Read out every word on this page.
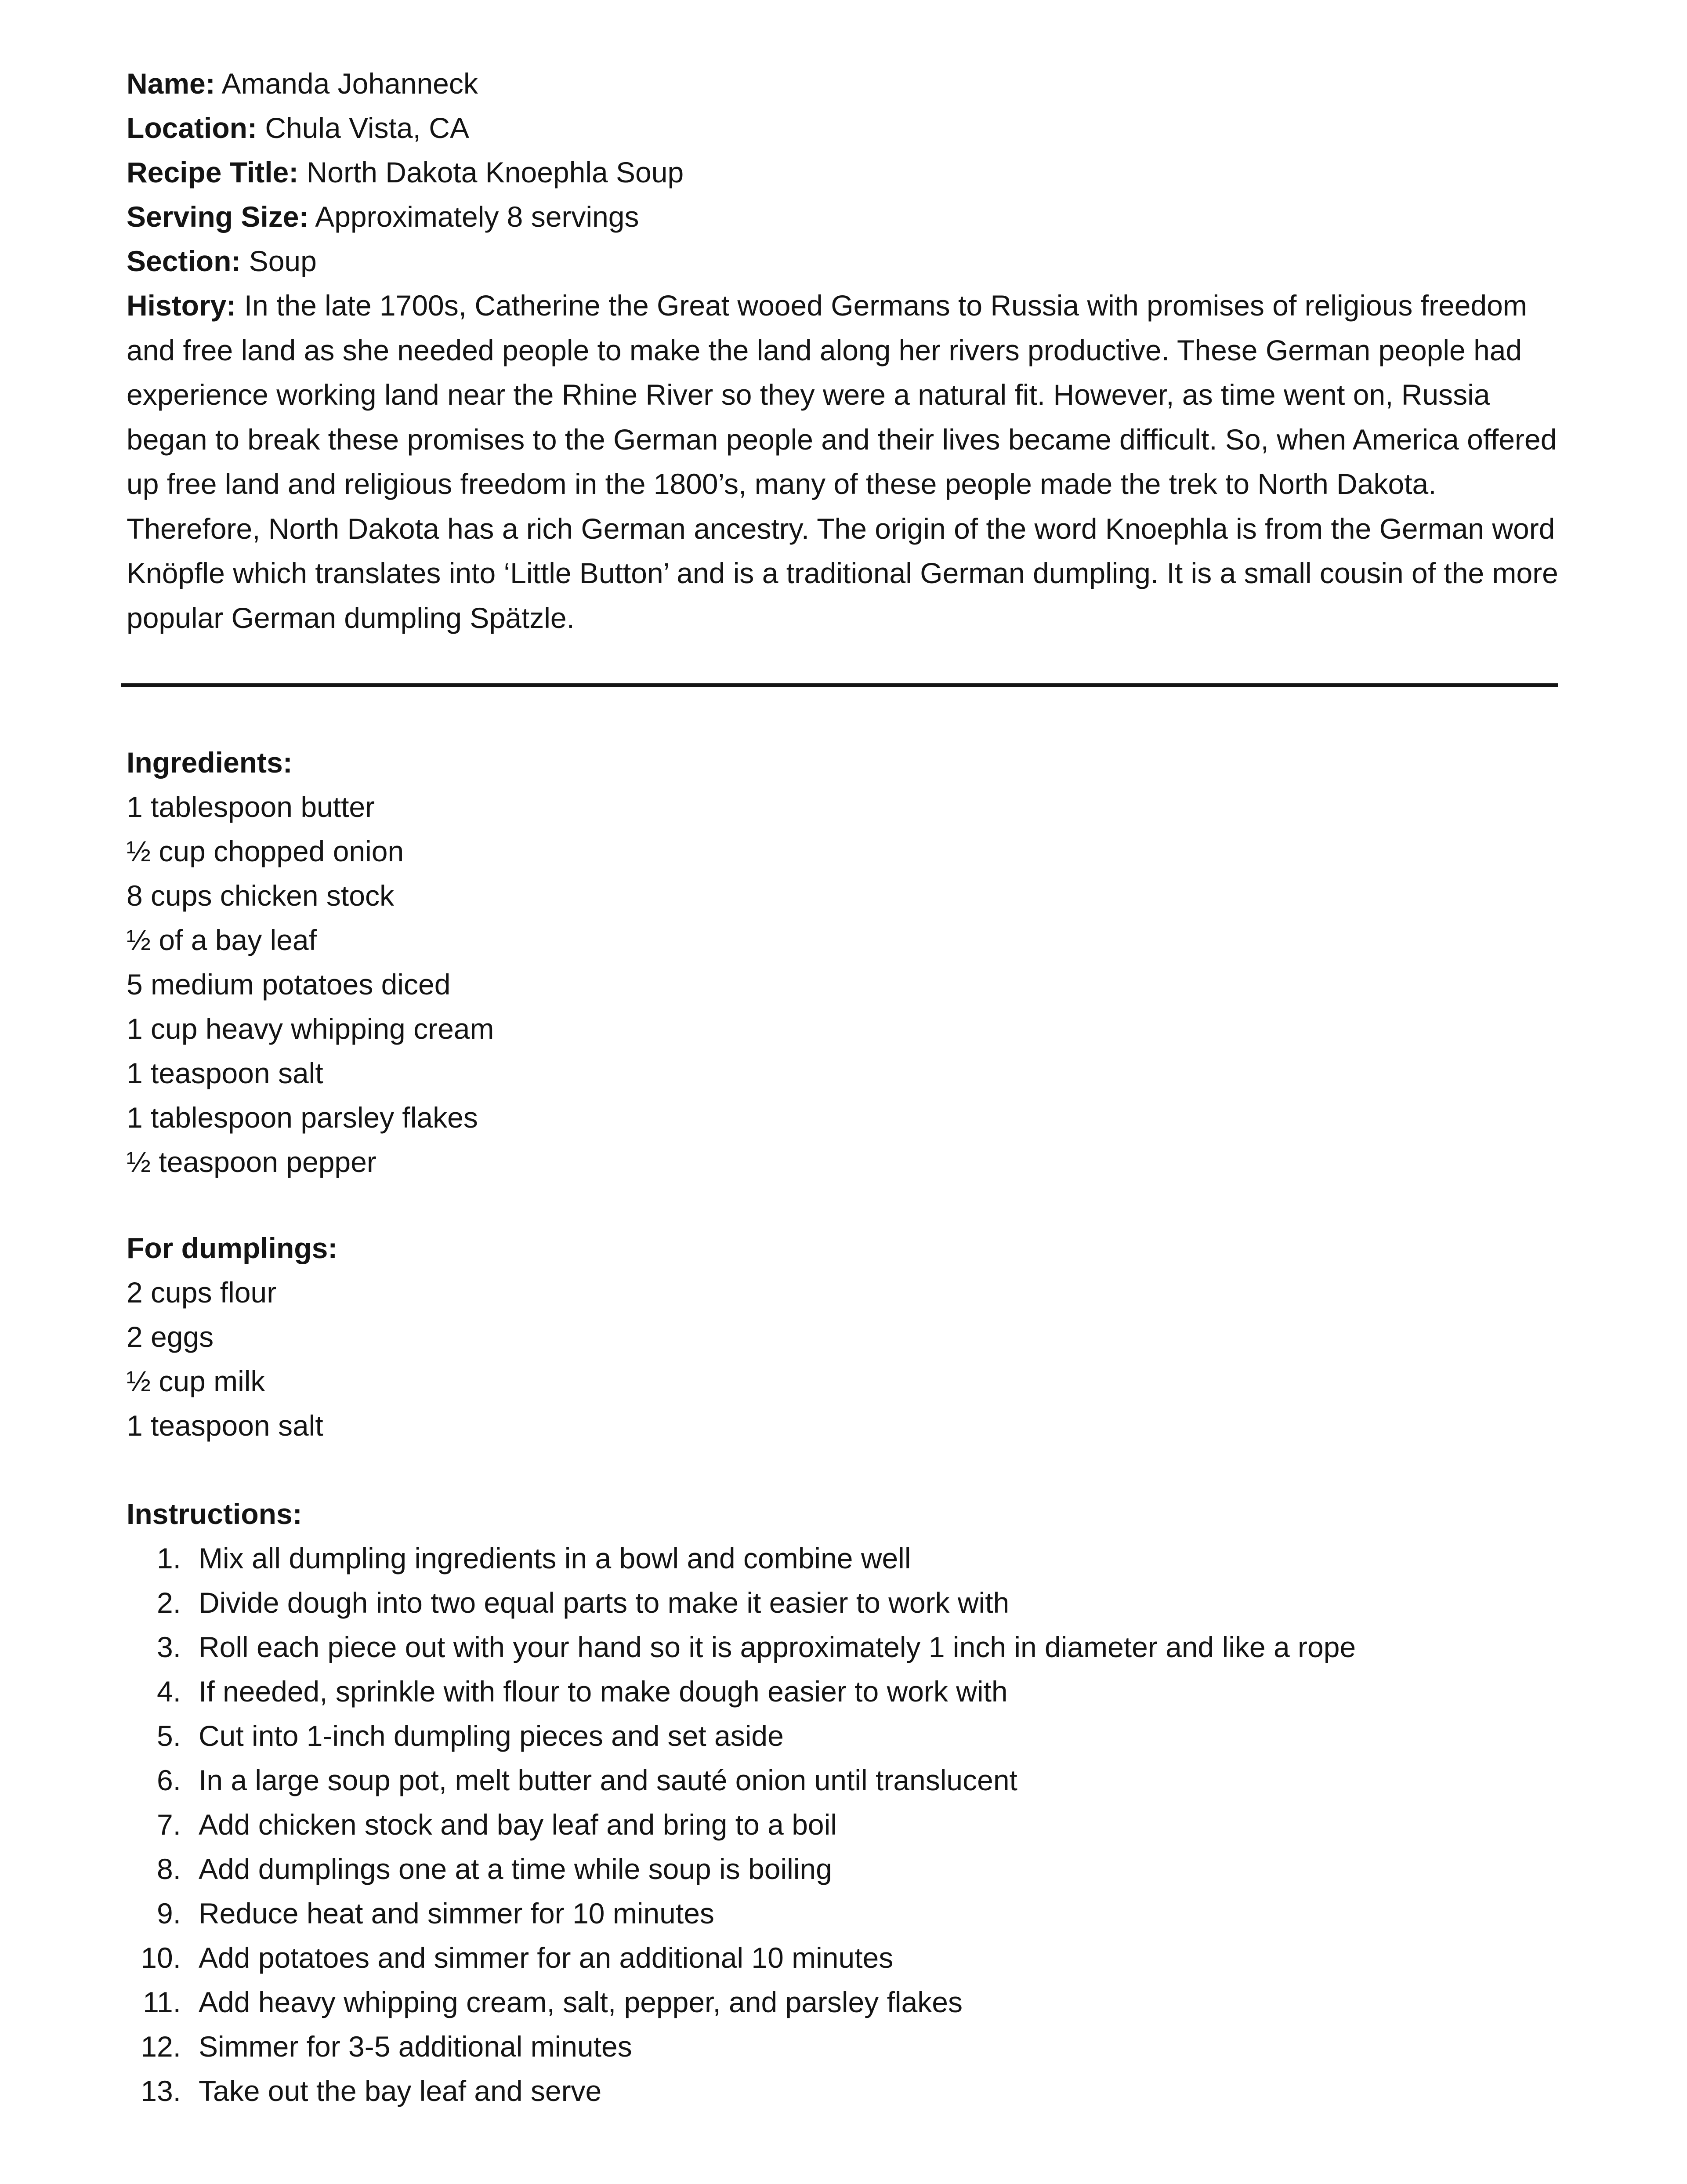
Name: Amanda Johanneck
Location: Chula Vista, CA
Recipe Title: North Dakota Knoephla Soup
Serving Size: Approximately 8 servings
Section: Soup
History: In the late 1700s, Catherine the Great wooed Germans to Russia with promises of religious freedom and free land as she needed people to make the land along her rivers productive. These German people had experience working land near the Rhine River so they were a natural fit. However, as time went on, Russia began to break these promises to the German people and their lives became difficult. So, when America offered up free land and religious freedom in the 1800’s, many of these people made the trek to North Dakota. Therefore, North Dakota has a rich German ancestry. The origin of the word Knoephla is from the German word Knöpfle which translates into ‘Little Button’ and is a traditional German dumpling. It is a small cousin of the more popular German dumpling Spätzle.
Ingredients:
1 tablespoon butter
½ cup chopped onion
8 cups chicken stock
½ of a bay leaf
5 medium potatoes diced
1 cup heavy whipping cream
1 teaspoon salt
1 tablespoon parsley flakes
½ teaspoon pepper
For dumplings:
2 cups flour
2 eggs
½ cup milk
1 teaspoon salt
Instructions:
1. Mix all dumpling ingredients in a bowl and combine well
2. Divide dough into two equal parts to make it easier to work with
3. Roll each piece out with your hand so it is approximately 1 inch in diameter and like a rope
4. If needed, sprinkle with flour to make dough easier to work with
5. Cut into 1-inch dumpling pieces and set aside
6. In a large soup pot, melt butter and sauté onion until translucent
7. Add chicken stock and bay leaf and bring to a boil
8. Add dumplings one at a time while soup is boiling
9. Reduce heat and simmer for 10 minutes
10. Add potatoes and simmer for an additional 10 minutes
11. Add heavy whipping cream, salt, pepper, and parsley flakes
12. Simmer for 3-5 additional minutes
13. Take out the bay leaf and serve
